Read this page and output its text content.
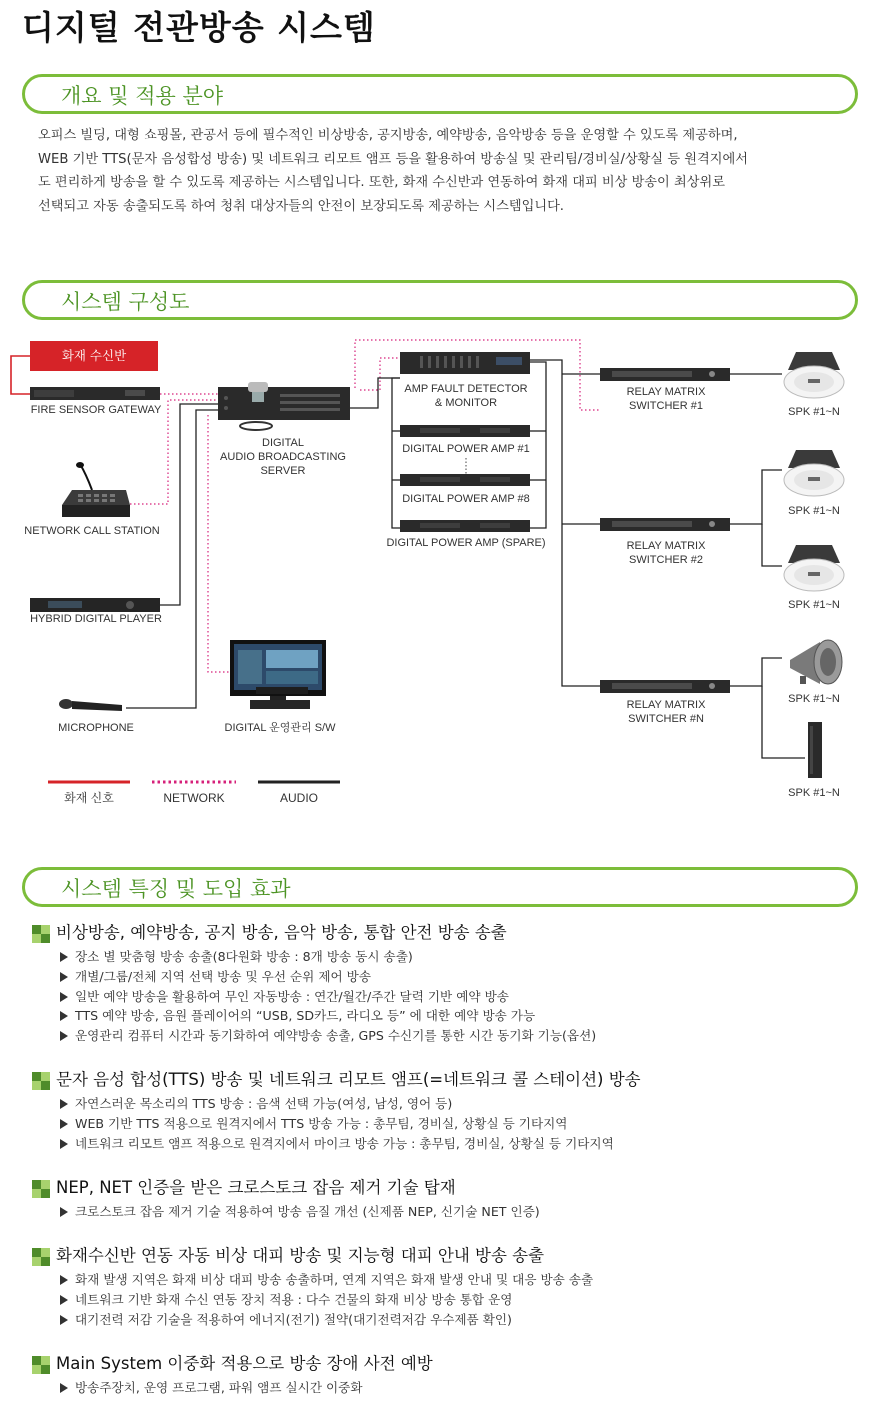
디지털 전관방송 시스템
개요 및 적용 분야
오피스 빌딩, 대형 쇼핑몰, 관공서 등에 필수적인 비상방송, 공지방송, 예약방송, 음악방송 등을 운영할 수 있도록 제공하며,
WEB 기반 TTS(문자 음성합성 방송) 및 네트워크 리모트 앰프 등을 활용하여 방송실 및 관리팀/경비실/상황실 등 원격지에서
도 편리하게 방송을 할 수 있도록 제공하는 시스템입니다. 또한, 화재 수신반과 연동하여 화재 대피 비상 방송이 최상위로
선택되고 자동 송출되도록 하여 청취 대상자들의 안전이 보장되도록 제공하는 시스템입니다.
시스템 구성도
FIRE SENSOR GATEWAY
NETWORK CALL STATION
HYBRID DIGITAL PLAYER
MICROPHONE
DIGITAL
AUDIO BROADCASTING
SERVER
DIGITAL 운영관리 S/W
AMP FAULT DETECTOR
& MONITOR
DIGITAL POWER AMP #1
DIGITAL POWER AMP #8
DIGITAL POWER AMP (SPARE)
RELAY MATRIX
SWITCHER #1
RELAY MATRIX
SWITCHER #2
RELAY MATRIX
SWITCHER #N
SPK #1~N
SPK #1~N
SPK #1~N
SPK #1~N
SPK #1~N
화재 신호	NETWORK	AUDIO
화재 수신반
시스템 특징 및 도입 효과
비상방송, 예약방송, 공지 방송, 음악 방송, 통합 안전 방송 송출
장소 별 맞춤형 방송 송출(8다원화 방송 : 8개 방송 동시 송출)
개별/그룹/전체 지역 선택 방송 및 우선 순위 제어 방송
일반 예약 방송을 활용하여 무인 자동방송 : 연간/월간/주간 달력 기반 예약 방송
TTS 예약 방송, 음원 플레이어의 “USB, SD카드, 라디오 등” 에 대한 예약 방송 가능
운영관리 컴퓨터 시간과 동기화하여 예약방송 송출, GPS 수신기를 통한 시간 동기화 기능(옵션)
문자 음성 합성(TTS) 방송 및 네트워크 리모트 앰프(=네트워크 콜 스테이션) 방송
자연스러운 목소리의 TTS 방송 : 음색 선택 가능(여성, 남성, 영어 등)
WEB 기반 TTS 적용으로 원격지에서 TTS 방송 가능 : 총무팀, 경비실, 상황실 등 기타지역
네트워크 리모트 앰프 적용으로 원격지에서 마이크 방송 가능 : 총무팀, 경비실, 상황실 등 기타지역
NEP, NET 인증을 받은 크로스토크 잡음 제거 기술 탑재
크로스토크 잡음 제거 기술 적용하여 방송 음질 개선 (신제품 NEP, 신기술 NET 인증)
화재수신반 연동 자동 비상 대피 방송 및 지능형 대피 안내 방송 송출
화재 발생 지역은 화재 비상 대피 방송 송출하며, 연계 지역은 화재 발생 안내 및 대응 방송 송출
네트워크 기반 화재 수신 연동 장치 적용 : 다수 건물의 화재 비상 방송 통합 운영
대기전력 저감 기술을 적용하여 에너지(전기) 절약(대기전력저감 우수제품 확인)
Main System 이중화 적용으로 방송 장애 사전 예방
방송주장치, 운영 프로그램, 파워 앰프 실시간 이중화
